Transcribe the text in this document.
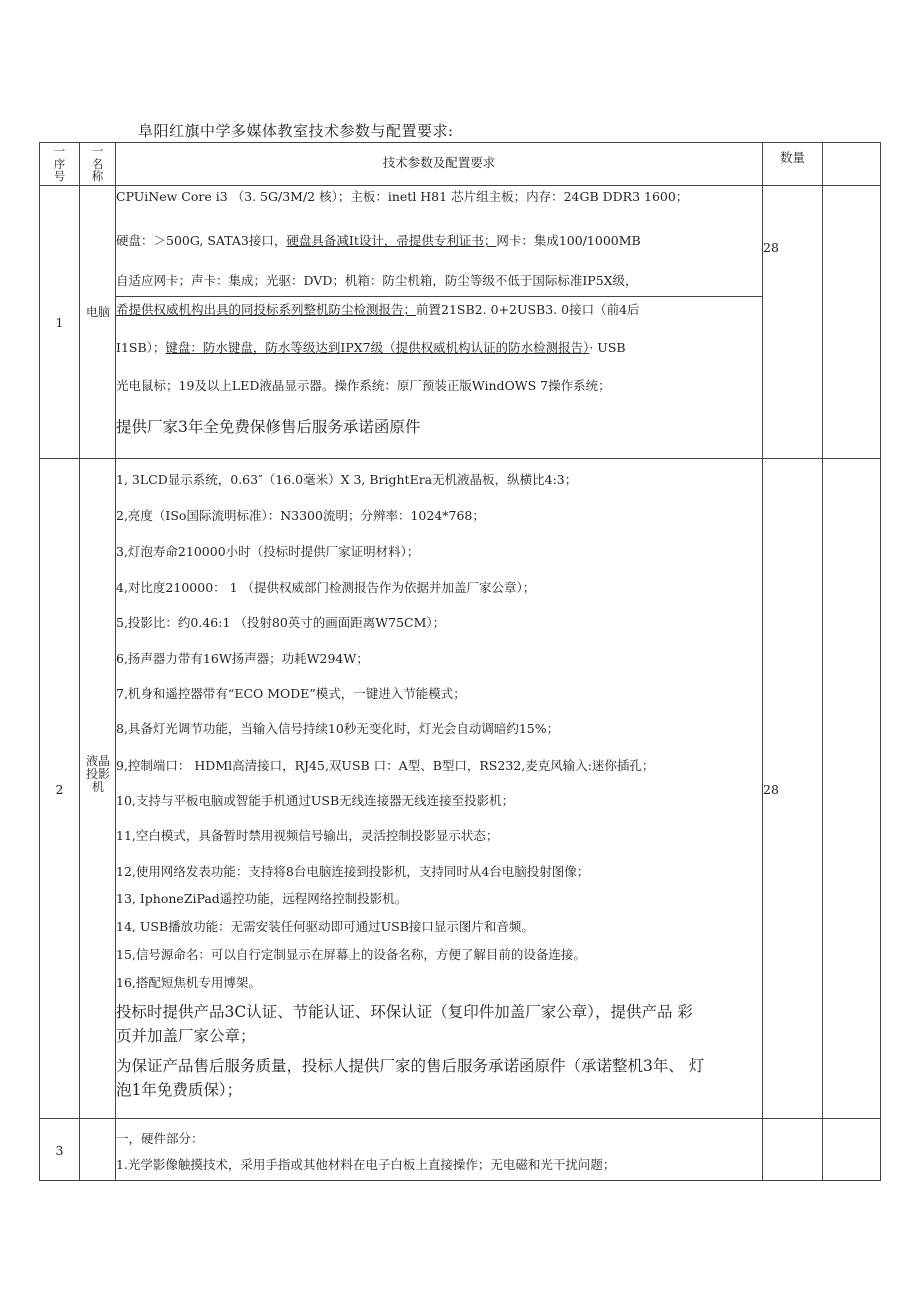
阜阳红旗中学多媒体教室技术参数与配置要求:
一序号
一名称
技术参数及配置要求	数量
1
电脑
28
CPUiNew Core i3 （3. 5G/3M/2 核）；主板：inetl H81 芯片组主板；内存：24GB DDR3 1600；
硬盘：＞500G, SATA3接口，硬盘具备减It设计，帚提供专利证书；网卡：集成100/1000MB
自适应网卡；声卡：集成；光驱：DVD；机箱：防尘机箱，防尘等级不低于国际标准IP5X级，
希提供权威机构出具的同投标系列整机防尘检测报告；前置21SB2. 0+2USB3. 0接口（前4后
I1SB）；键盘：防水键盘，防水等级达到IPX7级（提供权威机构认证的防水检测报告）· USB
光电鼠标；19及以上LED液晶显示器。操作系统：原厂预装正版WindOWS 7操作系统；
提供厂家3年全免费保修售后服务承诺函原件
2
液晶投影机	28
1, 3LCD显示系统，0.63″（16.0毫米）X 3, BrightEra无机液晶板，纵横比4:3；
2,亮度（ISo国际流明标准）：N3300流明；分辨率：1024*768；
3,灯泡寿命210000小时（投标时提供厂家证明材料）；
4,对比度210000： 1 （提供权威部门检测报告作为依据并加盖厂家公章）；
5,投影比：约0.46:1 （投射80英寸的画面距离W75CM）；
6,扬声器力带有16W扬声器；功耗W294W；
7,机身和遥控器带有“ECO MODE”模式，一键进入节能模式；
8,具备灯光调节功能，当输入信号持续10秒无变化时，灯光会自动调暗约15%；
9,控制端口： HDMl高清接口，RJ45,双USB 口：A型、B型口，RS232,麦克风输入:迷你插孔；
10,支持与平板电脑或智能手机通过USB无线连接器无线连接至投影机；
11,空白模式，具备暂时禁用视频信号输出，灵活控制投影显示状态；
12,使用网络发表功能：支持将8台电脑连接到投影机，支持同时从4台电脑投射图像；
13, IphoneZiPad遥控功能，远程网络控制投影机。
14, USB播放功能：无需安装任何驱动即可通过USB接口显示图片和音频。
15,信号源命名：可以自行定制显示在屏幕上的设备名称，方便了解目前的设备连接。
16,搭配短焦机专用博架。
投标时提供产品3C认证、节能认证、环保认证（复印件加盖厂家公章），提供产品 彩
页并加盖厂家公章；
为保证产品售后服务质量，投标人提供厂家的售后服务承诺函原件（承诺整机3年、 灯
泡1年免费质保）；
3
一，硬件部分：
1.光学影像触摸技术，采用手指或其他材料在电子白板上直接操作；无电磁和光干扰问题；
